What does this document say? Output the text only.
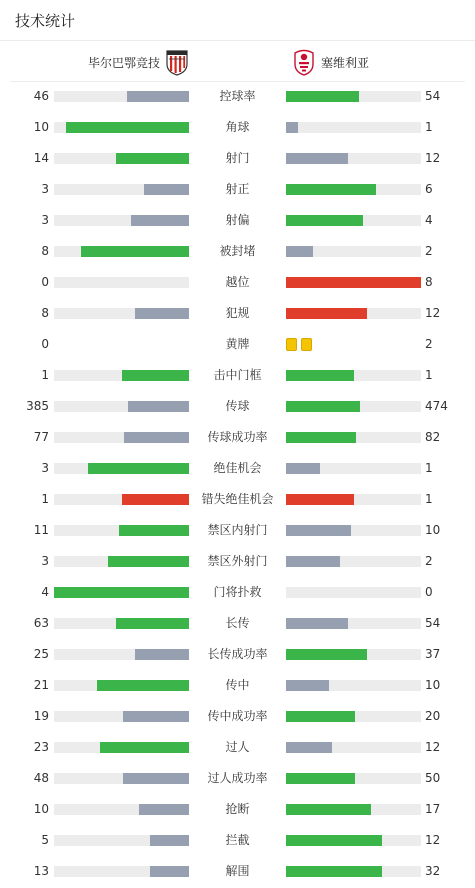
技术统计
毕尔巴鄂竞技	塞维利亚
46	控球率	54
10	角球	1
14	射门	12
3	射正	6
3	射偏	4
8	被封堵	2
0	越位	8
8	犯规	12
0	黄牌	2
1	击中门框	1
385	传球	474
77	传球成功率	82
3	绝佳机会	1
1	错失绝佳机会	1
11	禁区内射门	10
3	禁区外射门	2
4	门将扑救	0
63	长传	54
25	长传成功率	37
21	传中	10
19	传中成功率	20
23	过人	12
48	过人成功率	50
10	抢断	17
5	拦截	12
13	解围	32
